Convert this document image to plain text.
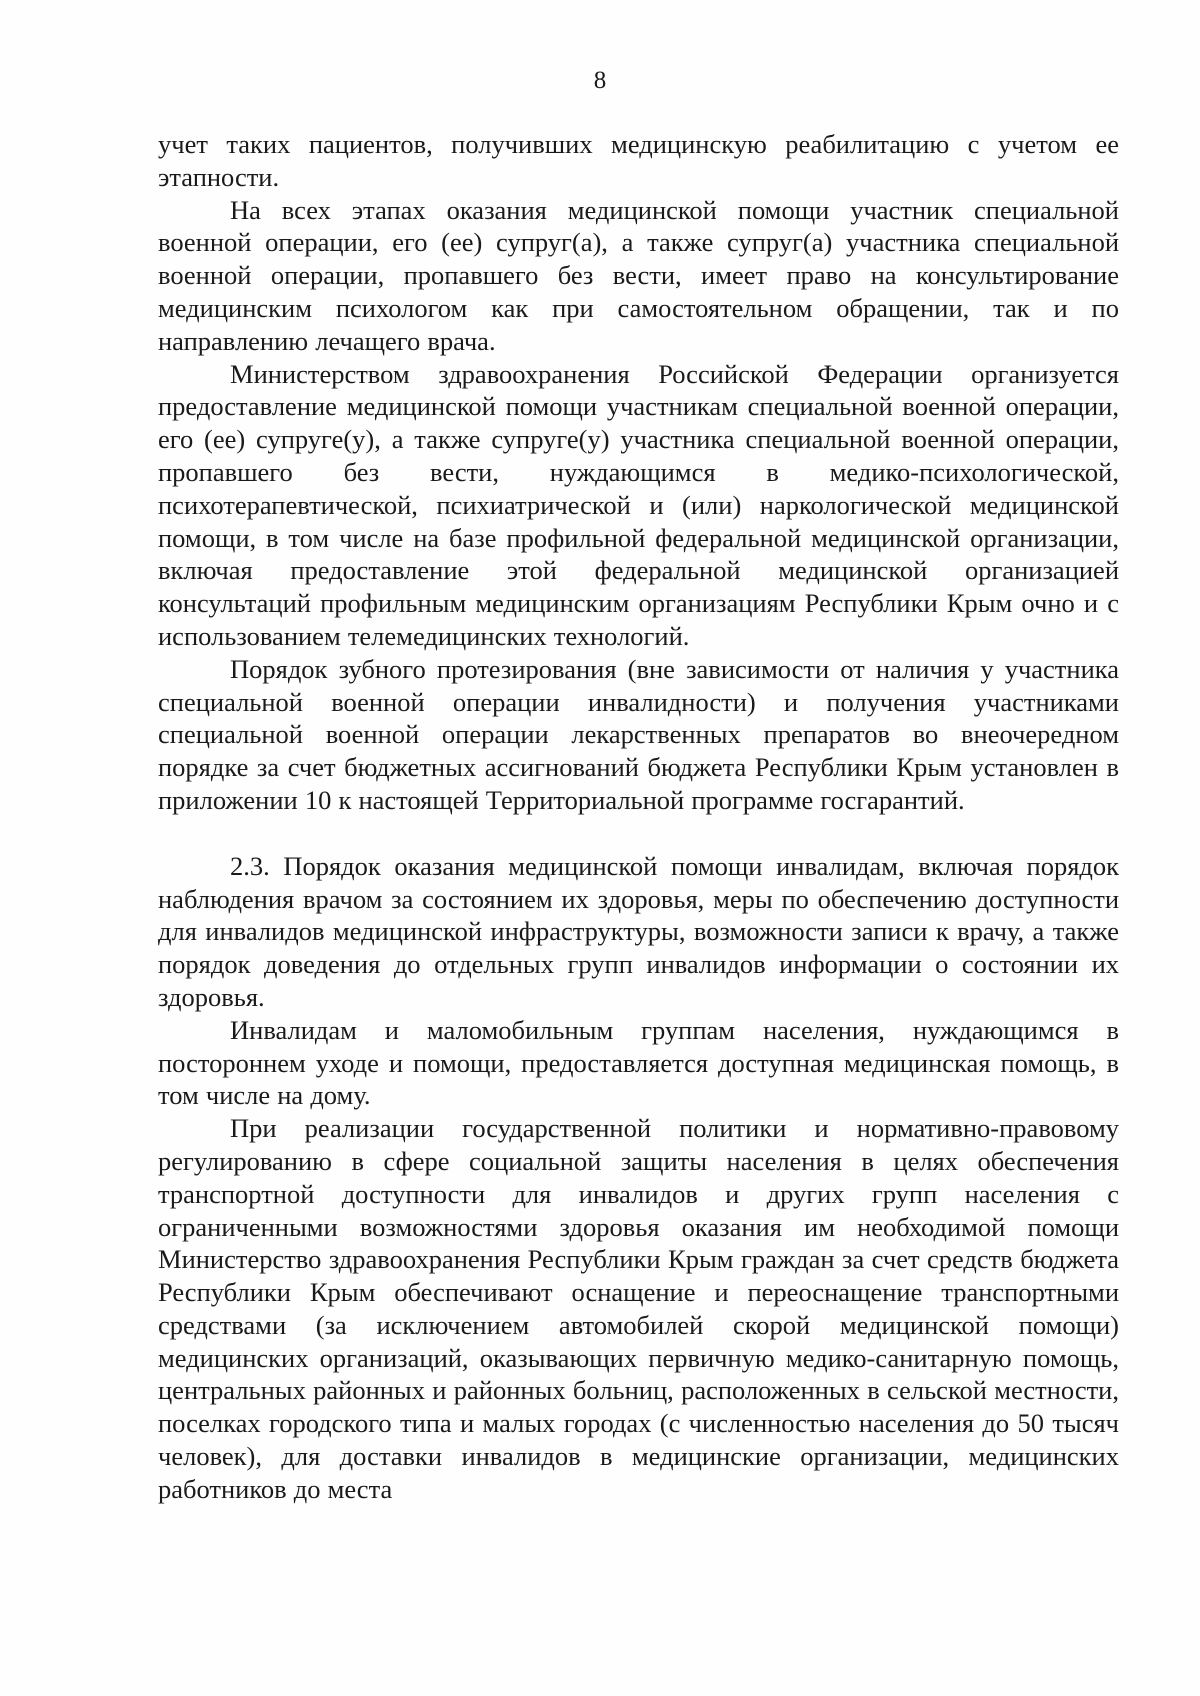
8

учет таких пациентов, получивших медицинскую реабилитацию с учетом ее этапности.

На всех этапах оказания медицинской помощи участник специальной военной операции, его (ее) супруг(а), а также супруг(а) участника специальной военной операции, пропавшего без вести, имеет право на консультирование медицинским психологом как при самостоятельном обращении, так и по направлению лечащего врача.

Министерством здравоохранения Российской Федерации организуется предоставление медицинской помощи участникам специальной военной операции, его (ее) супруге(у), а также супруге(у) участника специальной военной операции, пропавшего без вести, нуждающимся в медико-психологической, психотерапевтической, психиатрической и (или) наркологической медицинской помощи, в том числе на базе профильной федеральной медицинской организации, включая предоставление этой федеральной медицинской организацией консультаций профильным медицинским организациям Республики Крым очно и с использованием телемедицинских технологий.

Порядок зубного протезирования (вне зависимости от наличия у участника специальной военной операции инвалидности) и получения участниками специальной военной операции лекарственных препаратов во внеочередном порядке за счет бюджетных ассигнований бюджета Республики Крым установлен в приложении 10 к настоящей Территориальной программе госгарантий.

2.3. Порядок оказания медицинской помощи инвалидам, включая порядок наблюдения врачом за состоянием их здоровья, меры по обеспечению доступности для инвалидов медицинской инфраструктуры, возможности записи к врачу, а также порядок доведения до отдельных групп инвалидов информации о состоянии их здоровья.

Инвалидам и маломобильным группам населения, нуждающимся в постороннем уходе и помощи, предоставляется доступная медицинская помощь, в том числе на дому.

При реализации государственной политики и нормативно-правовому регулированию в сфере социальной защиты населения в целях обеспечения транспортной доступности для инвалидов и других групп населения с ограниченными возможностями здоровья оказания им необходимой помощи Министерство здравоохранения Республики Крым граждан за счет средств бюджета Республики Крым обеспечивают оснащение и переоснащение транспортными средствами (за исключением автомобилей скорой медицинской помощи) медицинских организаций, оказывающих первичную медико-санитарную помощь, центральных районных и районных больниц, расположенных в сельской местности, поселках городского типа и малых городах (с численностью населения до 50 тысяч человек), для доставки инвалидов в медицинские организации, медицинских работников до места
